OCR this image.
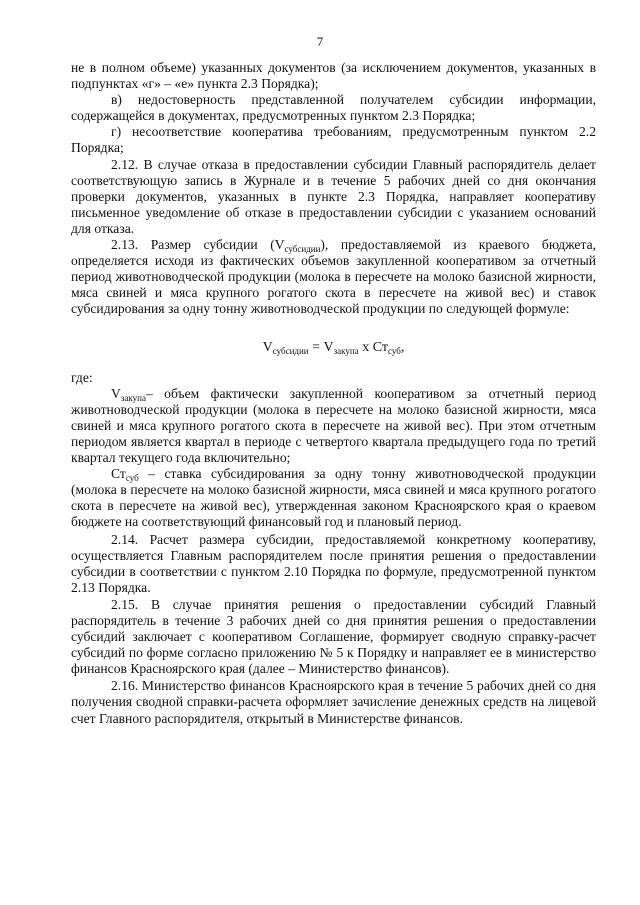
7

не в полном объеме) указанных документов (за исключением документов, указанных в подпунктах «г» – «е» пункта 2.3 Порядка);

в) недостоверность представленной получателем субсидии информации, содержащейся в документах, предусмотренных пунктом 2.3 Порядка;

г) несоответствие кооператива требованиям, предусмотренным пунктом 2.2 Порядка;

2.12. В случае отказа в предоставлении субсидии Главный распорядитель делает соответствующую запись в Журнале и в течение 5 рабочих дней со дня окончания проверки документов, указанных в пункте 2.3 Порядка, направляет кооперативу письменное уведомление об отказе в предоставлении субсидии с указанием оснований для отказа.

2.13. Размер субсидии $(V_{субсидии})$, предоставляемой из краевого бюджета, определяется исходя из фактических объемов закупленной кооперативом за отчетный период животноводческой продукции (молока в пересчете на молоко базисной жирности, мяса свиней и мяса крупного рогатого скота в пересчете на живой вес) и ставок субсидирования за одну тонну животноводческой продукции по следующей формуле:

$V_{субсидии} = V_{закупа}$ х $Ст_{суб}$,

где:

$V_{закупа}-$ объем фактически закупленной кооперативом за отчетный период животноводческой продукции (молока в пересчете на молоко базисной жирности, мяса свиней и мяса крупного рогатого скота в пересчете на живой вес). При этом отчетным периодом является квартал в периоде с четвертого квартала предыдущего года по третий квартал текущего года включительно;

$Ст_{суб}$ – ставка субсидирования за одну тонну животноводческой продукции (молока в пересчете на молоко базисной жирности, мяса свиней и мяса крупного рогатого скота в пересчете на живой вес), утвержденная законом Красноярского края о краевом бюджете на соответствующий финансовый год и плановый период.

2.14. Расчет размера субсидии, предоставляемой конкретному кооперативу, осуществляется Главным распорядителем после принятия решения о предоставлении субсидии в соответствии с пунктом 2.10 Порядка по формуле, предусмотренной пунктом 2.13 Порядка.

2.15. В случае принятия решения о предоставлении субсидий Главный распорядитель в течение 3 рабочих дней со дня принятия решения о предоставлении субсидий заключает с кооперативом Соглашение, формирует сводную справку-расчет субсидий по форме согласно приложению № 5 к Порядку и направляет ее в министерство финансов Красноярского края (далее – Министерство финансов).

2.16. Министерство финансов Красноярского края в течение 5 рабочих дней со дня получения сводной справки-расчета оформляет зачисление денежных средств на лицевой счет Главного распорядителя, открытый в Министерстве финансов.
